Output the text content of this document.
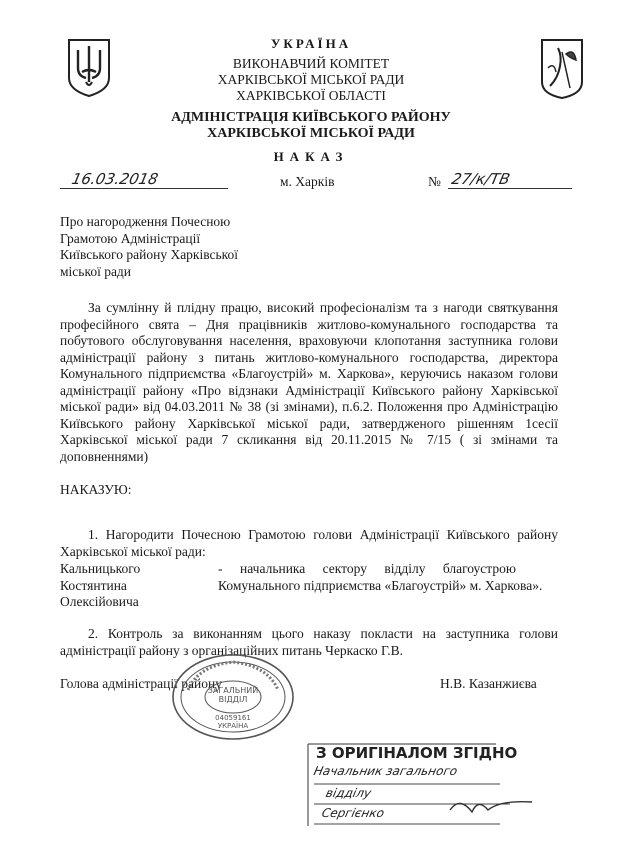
УКРАЇНА
ВИКОНАВЧИЙ КОМІТЕТ
ХАРКІВСЬКОЇ МІСЬКОЇ РАДИ
ХАРКІВСЬКОЇ ОБЛАСТІ
АДМІНІСТРАЦІЯ КИЇВСЬКОГО РАЙОНУ
ХАРКІВСЬКОЇ МІСЬКОЇ РАДИ
НАКАЗ
16.03.2018	м. Харків	№ 27/к/ТВ
Про нагородження Почесною
Грамотою Адміністрації
Київського району Харківської
міської ради
За сумлінну й плідну працю, високий професіоналізм та з нагоди святкування професійного свята – Дня працівників житлово-комунального господарства та побутового обслуговування населення, враховуючи клопотання заступника голови адміністрації району з питань житлово-комунального господарства, директора Комунального підприємства «Благоустрій» м. Харкова», керуючись наказом голови адміністрації району «Про відзнаки Адміністрації Київського району Харківської міської ради» від 04.03.2011 № 38 (зі змінами), п.6.2. Положення про Адміністрацію Київського району Харківської міської ради, затвердженого рішенням 1сесії Харківської міської ради 7 скликання від 20.11.2015 № 7/15 ( зі змінами та доповненнями)
НАКАЗУЮ:
1. Нагородити Почесною Грамотою голови Адміністрації Київського району Харківської міської ради:
Кальницького
Костянтина
Олексійовича
- начальника сектору відділу благоустрою
Комунального підприємства «Благоустрій» м. Харкова».
2. Контроль за виконанням цього наказу покласти на заступника голови адміністрації району з організаційних питань Черкаско Г.В.
Голова адміністрації району	Н.В. Казанжиєва
ЗАГАЛЬНИЙ
ВІДДІЛ
04059161
УКРАЇНА
З ОРИГІНАЛОМ ЗГІДНО
Начальник загального
відділу
Сергієнко
